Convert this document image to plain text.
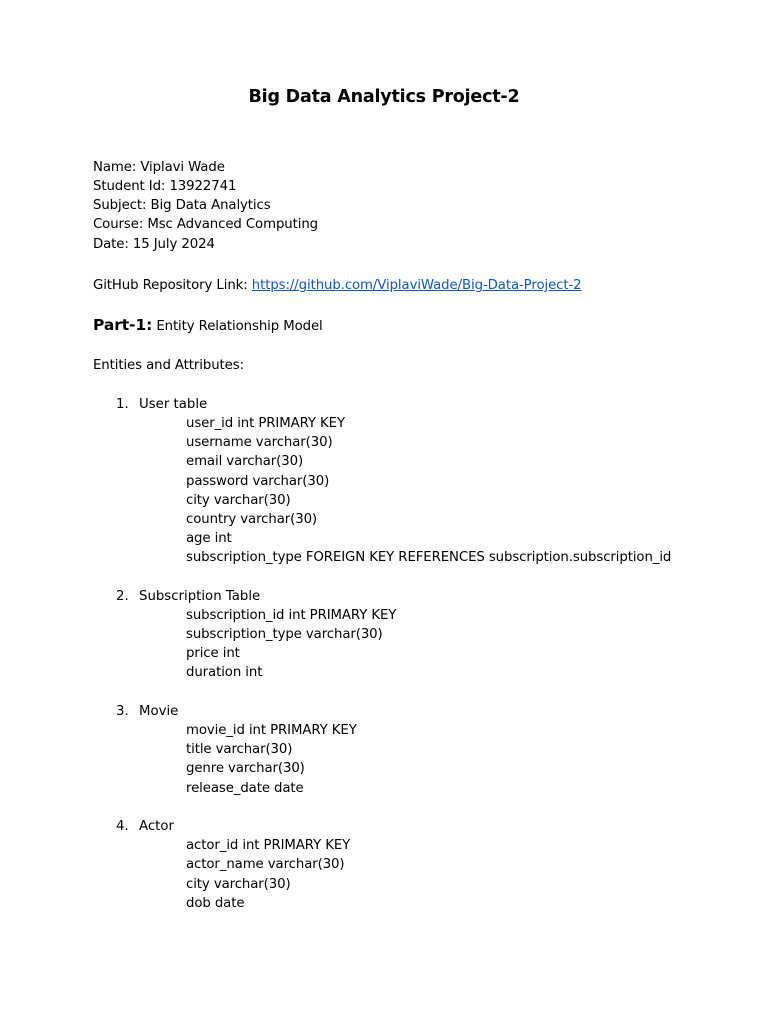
Big Data Analytics Project-2
Name: Viplavi Wade
Student Id: 13922741
Subject: Big Data Analytics
Course: Msc Advanced Computing
Date: 15 July 2024
GitHub Repository Link: https://github.com/ViplaviWade/Big-Data-Project-2
Part-1: Entity Relationship Model
Entities and Attributes:
1. User table
user_id int PRIMARY KEY
username varchar(30)
email varchar(30)
password varchar(30)
city varchar(30)
country varchar(30)
age int
subscription_type FOREIGN KEY REFERENCES subscription.subscription_id
2. Subscription Table
subscription_id int PRIMARY KEY
subscription_type varchar(30)
price int
duration int
3. Movie
movie_id int PRIMARY KEY
title varchar(30)
genre varchar(30)
release_date date
4. Actor
actor_id int PRIMARY KEY
actor_name varchar(30)
city varchar(30)
dob date
